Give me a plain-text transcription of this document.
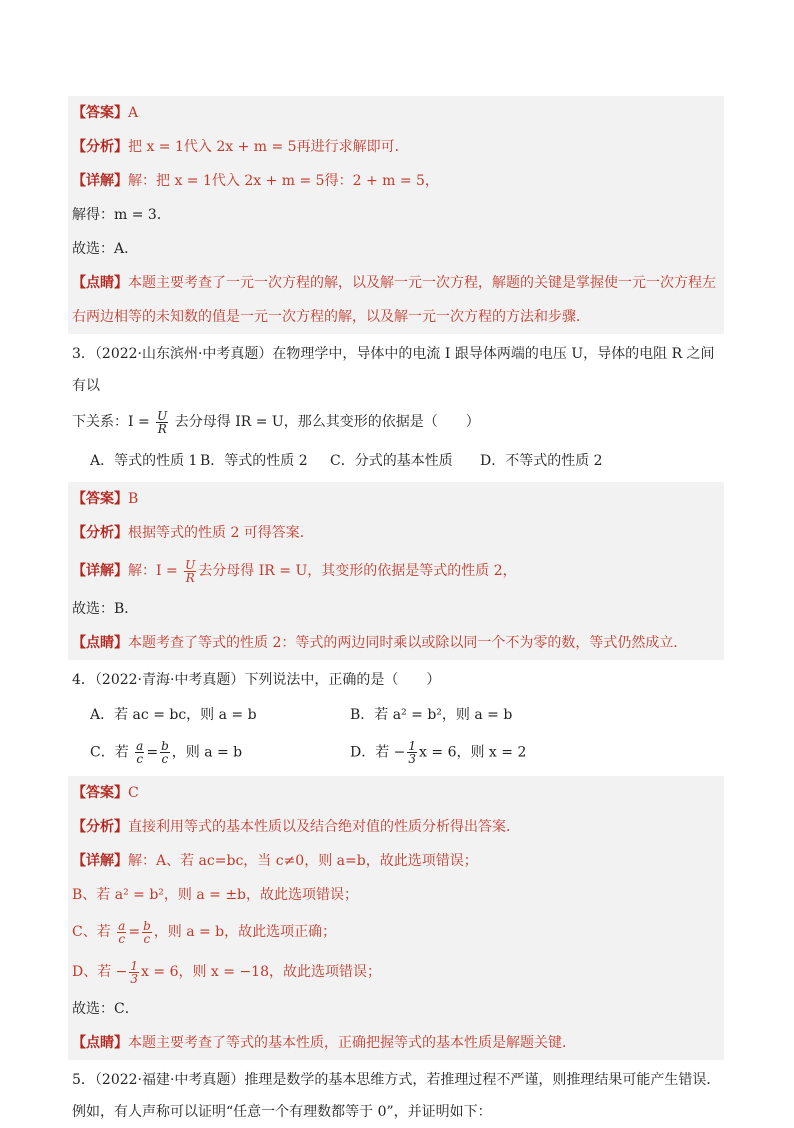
【答案】A
【分析】把 x = 1代入 2x + m = 5再进行求解即可．
【详解】解：把 x = 1代入 2x + m = 5得：2 + m = 5，
解得：m = 3．
故选：A．
【点睛】本题主要考查了一元一次方程的解，以及解一元一次方程，解题的关键是掌握使一元一次方程左
右两边相等的未知数的值是一元一次方程的解，以及解一元一次方程的方法和步骤．
3．（2022·山东滨州·中考真题）在物理学中，导体中的电流 I 跟导体两端的电压 U，导体的电阻 R 之间有以
下关系：$I = \frac{U}{R}$ 去分母得 IR = U，那么其变形的依据是（　　）
A．等式的性质 1 B．等式的性质 2	C．分式的基本性质	D．不等式的性质 2
【答案】B
【分析】根据等式的性质 2 可得答案．
【详解】解：$I = \frac{U}{R}$ 去分母得 IR = U，其变形的依据是等式的性质 2，
故选：B．
【点睛】本题考查了等式的性质 2：等式的两边同时乘以或除以同一个不为零的数，等式仍然成立．
4．（2022·青海·中考真题）下列说法中，正确的是（　　）
A．若 ac = bc，则 a = b	B．若 a² = b²，则 a = b
C．若 $\frac{a}{c} = \frac{b}{c}$ ，则 a = b	D．若 − $\frac{1}{3}$ x = 6，则 x = 2
【答案】C
【分析】直接利用等式的基本性质以及结合绝对值的性质分析得出答案．
【详解】解：A、若 ac=bc，当 c≠0，则 a=b，故此选项错误；
B、若 a² = b²，则 a = ±b，故此选项错误；
C、若 $\frac{a}{c} = \frac{b}{c}$ ，则 a = b，故此选项正确；
D、若 − $\frac{1}{3}$ x = 6，则 x = −18，故此选项错误；
故选：C．
【点睛】本题主要考查了等式的基本性质，正确把握等式的基本性质是解题关键．
5．（2022·福建·中考真题）推理是数学的基本思维方式，若推理过程不严谨，则推理结果可能产生错误．
例如，有人声称可以证明“任意一个有理数都等于 0”，并证明如下：
